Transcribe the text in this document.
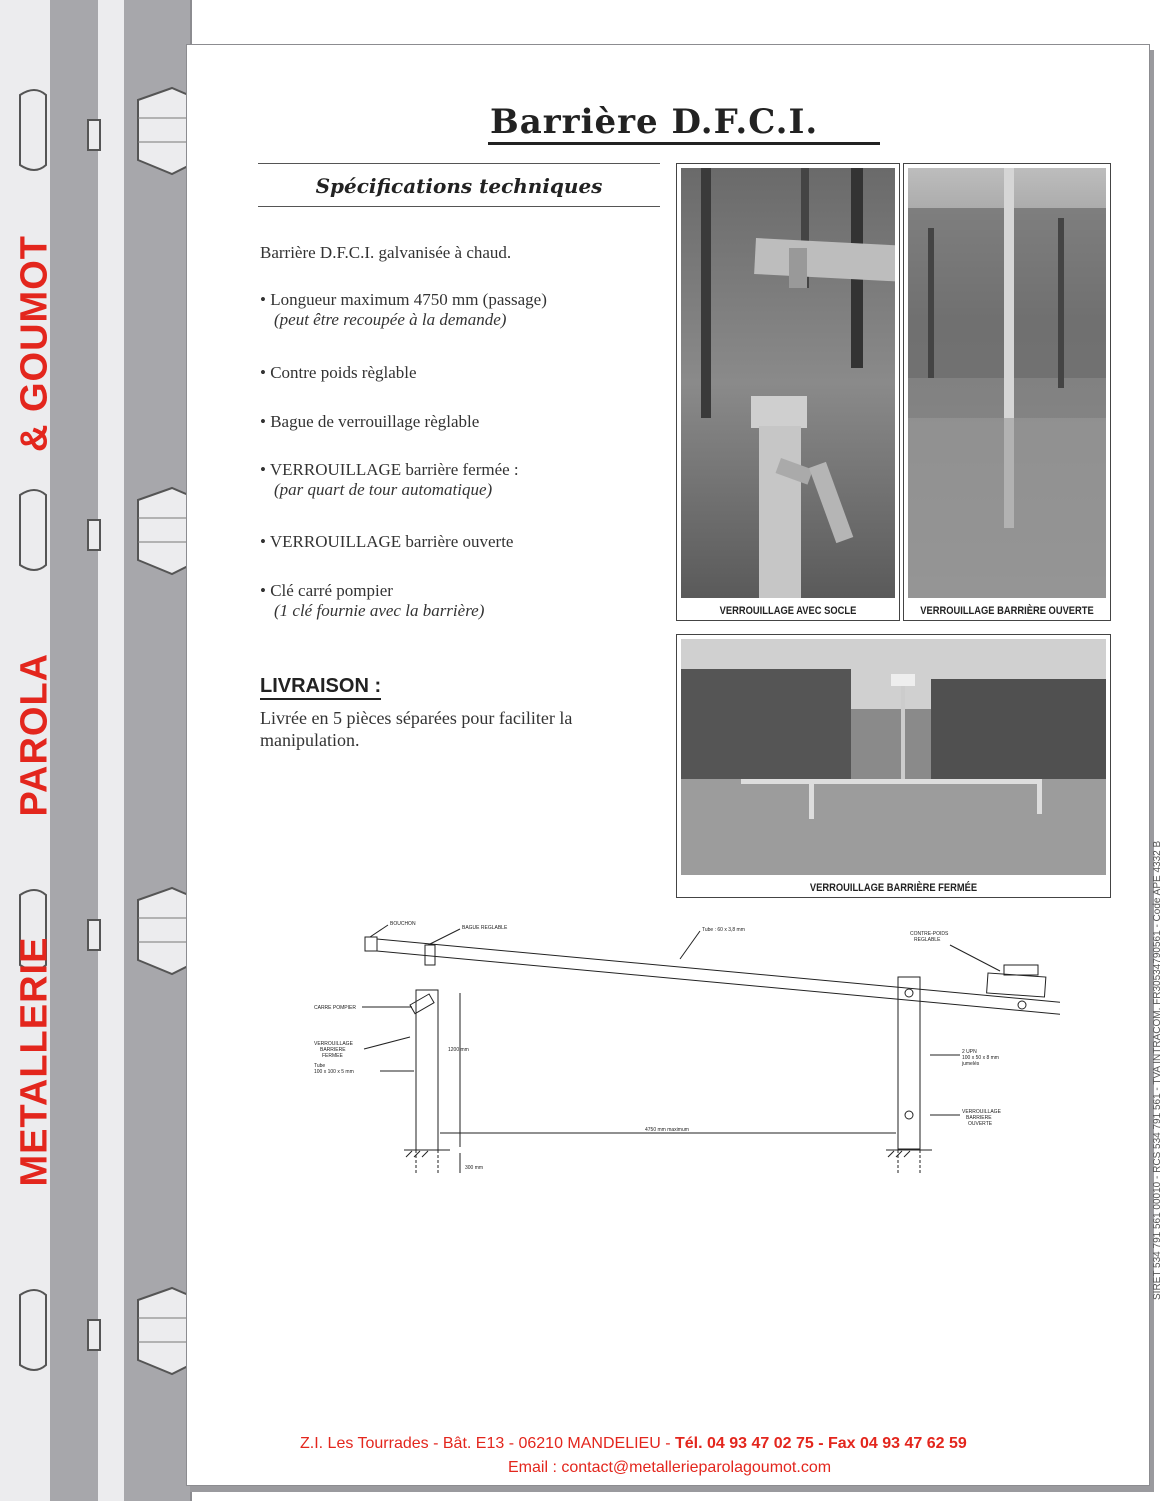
METALLERIE
PAROLA
& GOUMOT
Barrière D.F.C.I.
Spécifications techniques
Barrière D.F.C.I. galvanisée à chaud.
• Longueur maximum 4750 mm (passage)
(peut être recoupée à la demande)
• Contre poids règlable
• Bague de verrouillage règlable
• VERROUILLAGE barrière fermée :
(par quart de tour automatique)
• VERROUILLAGE barrière ouverte
• Clé carré pompier
(1 clé fournie avec la barrière)
LIVRAISON :
Livrée en 5 pièces séparées pour faciliter la manipulation.
VERROUILLAGE AVEC SOCLE	VERROUILLAGE BARRIÈRE OUVERTE
VERROUILLAGE BARRIÈRE FERMÉE
BOUCHON
BAGUE REGLABLE	Tube : 60 x 3,8 mm
CONTRE-POIDS
REGLABLE
CARRE POMPIER
VERROUILLAGE
BARRIERE
FERMEE
Tube
100 x 100 x 5 mm
1200 mm	2 UPN
100 x 50 x 8 mm
jumelés
VERROUILLAGE
BARRIERE
OUVERTE
4750 mm maximum
300 mm
Z.I. Les Tourrades - Bât. E13 - 06210 MANDELIEU - Tél. 04 93 47 02 75 - Fax 04 93 47 62 59
Email : contact@metallerieparolagoumot.com
SIRET 534 791 561 00010 - RCS 534 791 561 - TVA INTRACOM. FR30534790561 - Code APE 4332 B
